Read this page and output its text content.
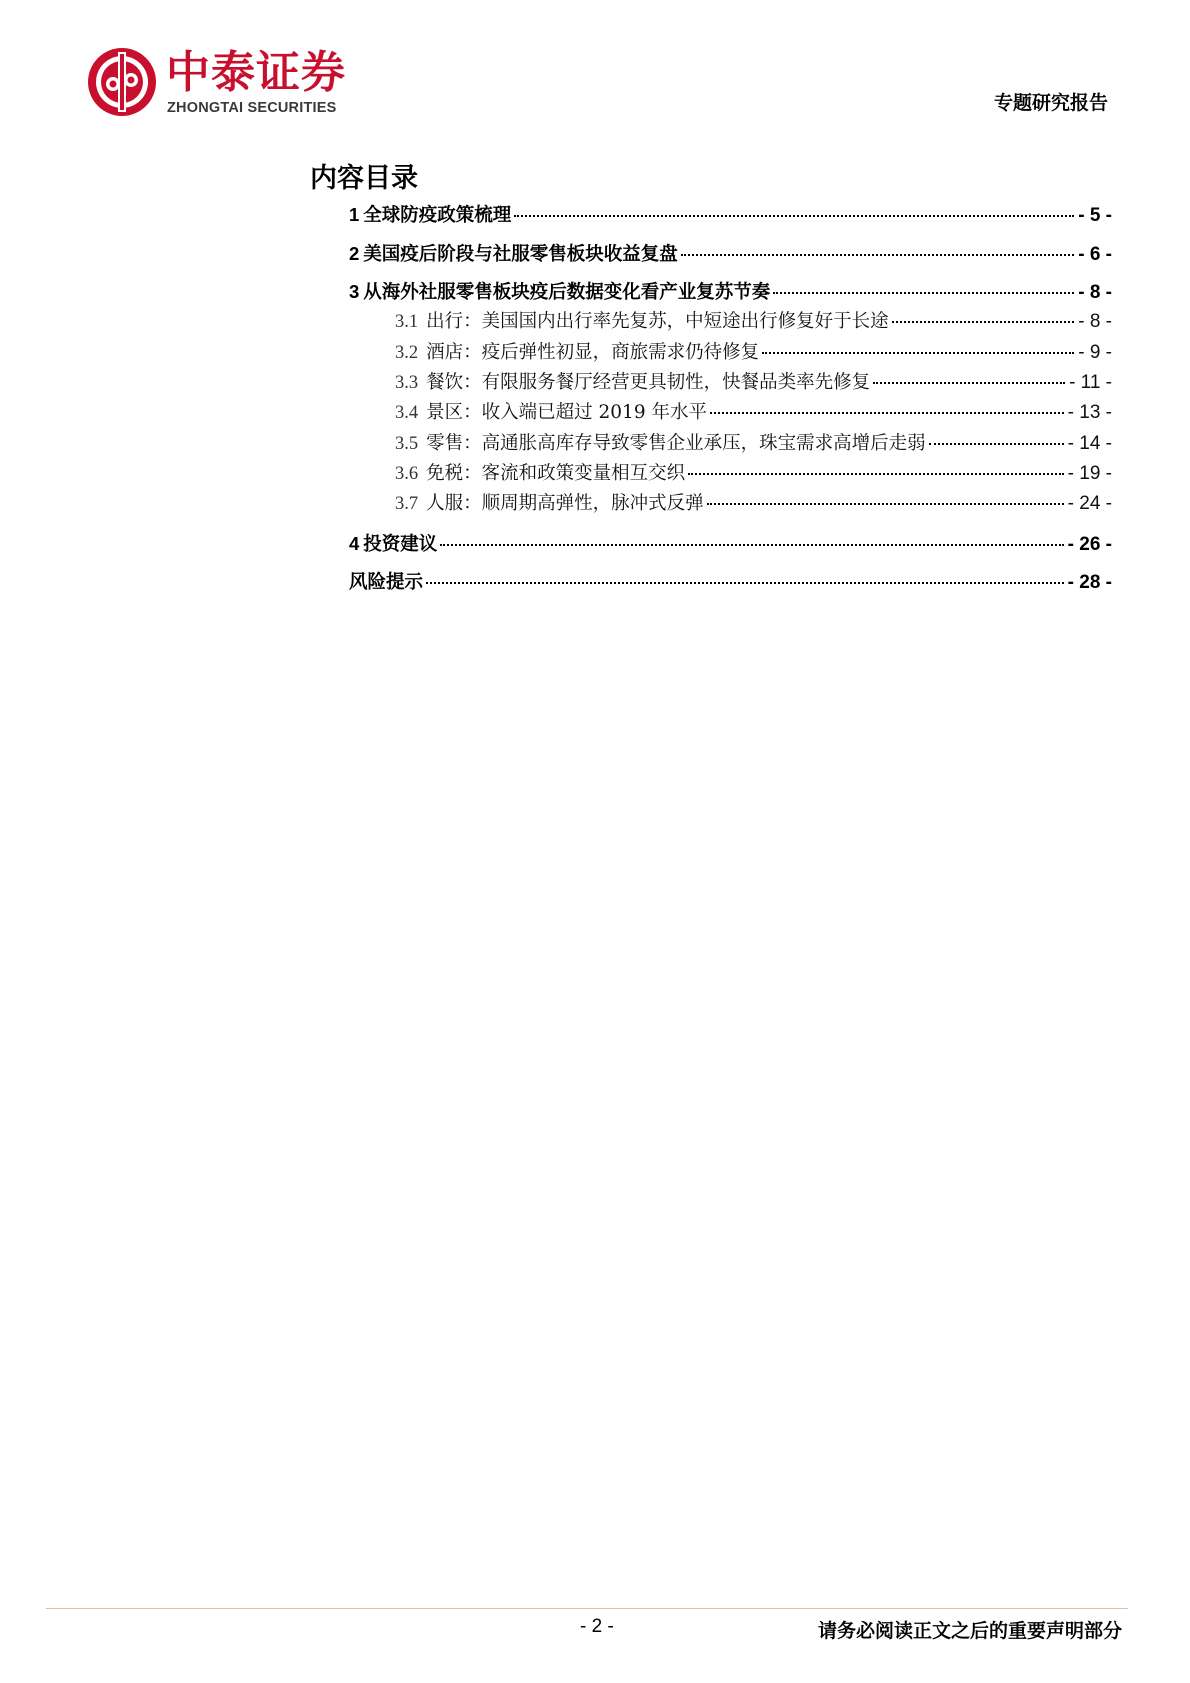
中泰证券
ZHONGTAI SECURITIES	专题研究报告
内容目录
1 全球防疫政策梳理	- 5 -
2 美国疫后阶段与社服零售板块收益复盘	- 6 -
3 从海外社服零售板块疫后数据变化看产业复苏节奏	- 8 -
3.1 出行：美国国内出行率先复苏，中短途出行修复好于长途	- 8 -
3.2 酒店：疫后弹性初显，商旅需求仍待修复	- 9 -
3.3 餐饮：有限服务餐厅经营更具韧性，快餐品类率先修复	- 11 -
3.4 景区：收入端已超过 2019 年水平	- 13 -
3.5 零售：高通胀高库存导致零售企业承压，珠宝需求高增后走弱	- 14 -
3.6 免税：客流和政策变量相互交织	- 19 -
3.7 人服：顺周期高弹性，脉冲式反弹	- 24 -
4 投资建议	- 26 -
风险提示	- 28 -
- 2 -	请务必阅读正文之后的重要声明部分
